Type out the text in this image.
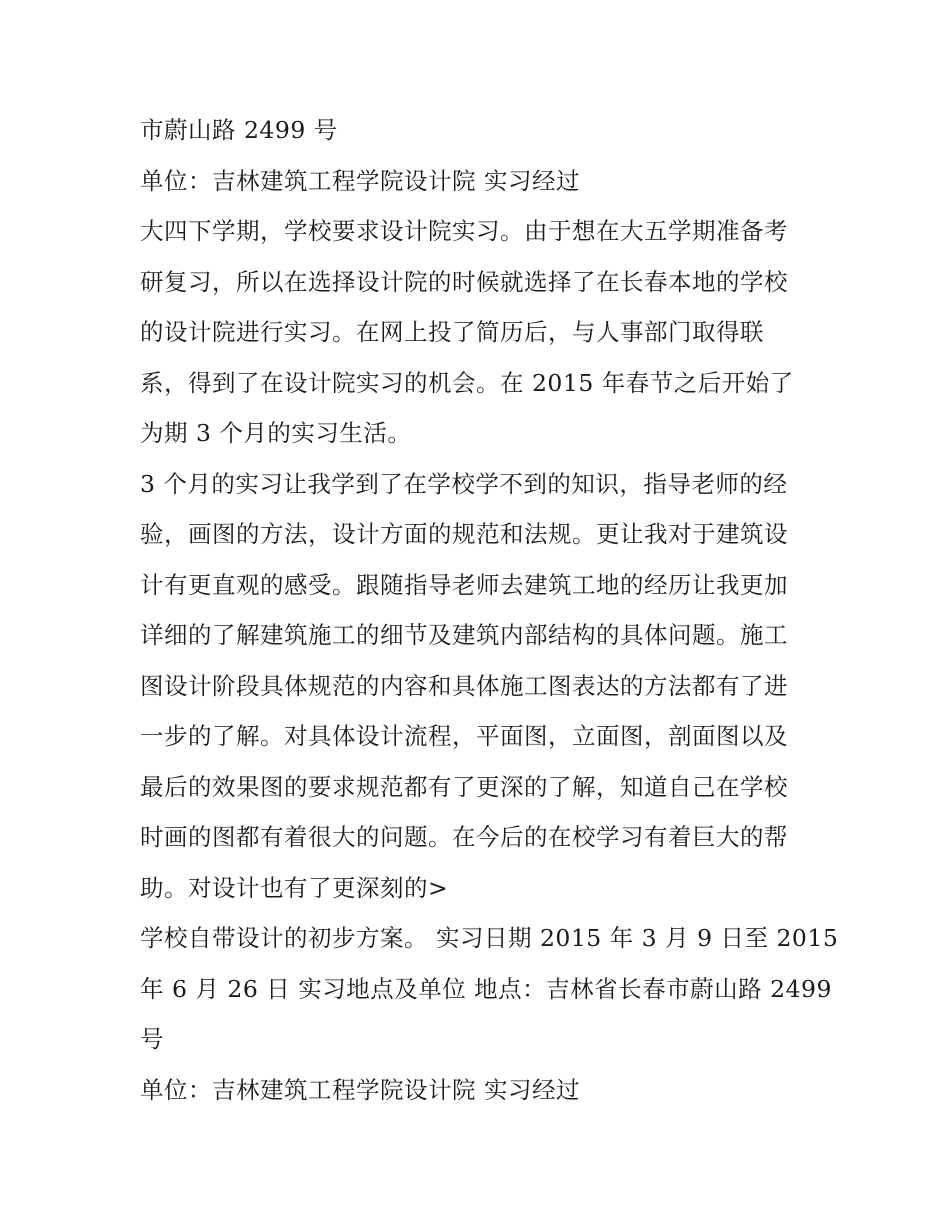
市蔚山路 2499 号
单位：吉林建筑工程学院设计院 实习经过
大四下学期，学校要求设计院实习。由于想在大五学期准备考
研复习，所以在选择设计院的时候就选择了在长春本地的学校
的设计院进行实习。在网上投了简历后，与人事部门取得联
系，得到了在设计院实习的机会。在 2015 年春节之后开始了
为期 3 个月的实习生活。
3 个月的实习让我学到了在学校学不到的知识，指导老师的经
验，画图的方法，设计方面的规范和法规。更让我对于建筑设
计有更直观的感受。跟随指导老师去建筑工地的经历让我更加
详细的了解建筑施工的细节及建筑内部结构的具体问题。施工
图设计阶段具体规范的内容和具体施工图表达的方法都有了进
一步的了解。对具体设计流程，平面图，立面图，剖面图以及
最后的效果图的要求规范都有了更深的了解，知道自己在学校
时画的图都有着很大的问题。在今后的在校学习有着巨大的帮
助。对设计也有了更深刻的>
学校自带设计的初步方案。 实习日期 2015 年 3 月 9 日至 2015
年 6 月 26 日 实习地点及单位 地点：吉林省长春市蔚山路 2499
号
单位：吉林建筑工程学院设计院 实习经过
